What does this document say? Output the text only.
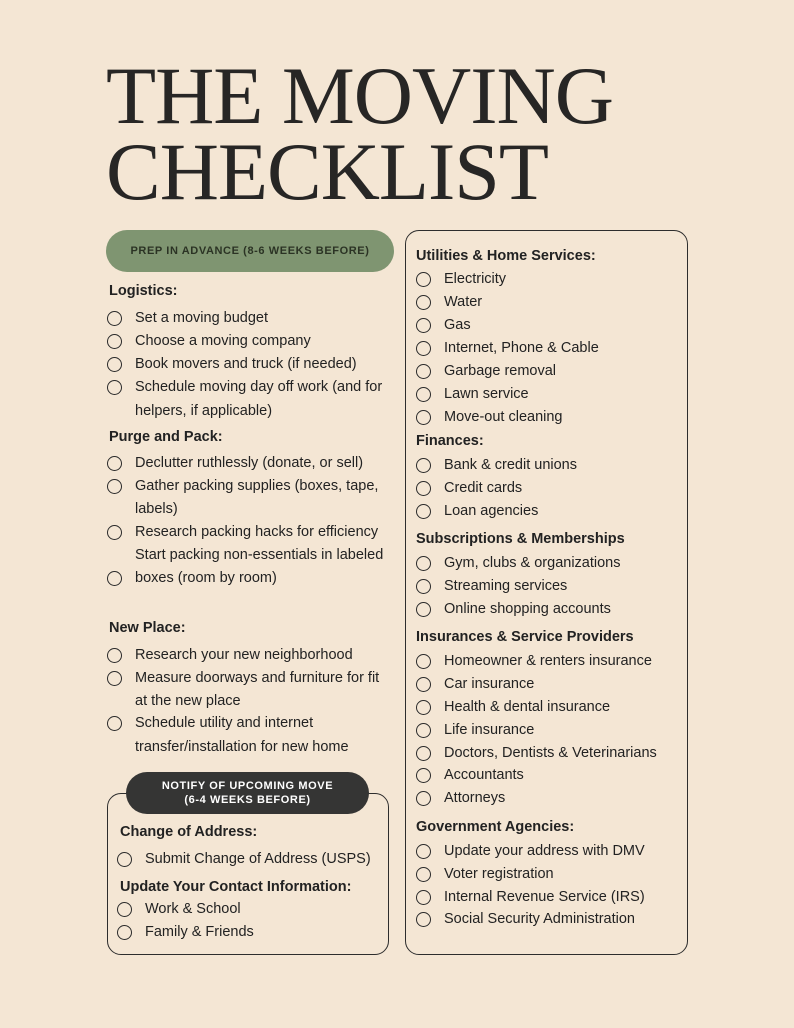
THE MOVING
CHECKLIST
PREP IN ADVANCE (8-6 WEEKS BEFORE)
NOTIFY OF UPCOMING MOVE
(6-4 WEEKS BEFORE)
Logistics:
Set a moving budget
Choose a moving company
Book movers and truck (if needed)
Schedule moving day off work (and for
helpers, if applicable)
Purge and Pack:
Declutter ruthlessly (donate, or sell)
Gather packing supplies (boxes, tape,
labels)
Research packing hacks for efficiency
Start packing non-essentials in labeled
boxes (room by room)
New Place:
Research your new neighborhood
Measure doorways and furniture for fit
at the new place
Schedule utility and internet
transfer/installation for new home
Change of Address:
Submit Change of Address (USPS)
Update Your Contact Information:
Work & School
Family & Friends
Utilities & Home Services:
Electricity
Water
Gas
Internet, Phone & Cable
Garbage removal
Lawn service
Move-out cleaning
Finances:
Bank & credit unions
Credit cards
Loan agencies
Subscriptions & Memberships
Gym, clubs & organizations
Streaming services
Online shopping accounts
Insurances & Service Providers
Homeowner & renters insurance
Car insurance
Health & dental insurance
Life insurance
Doctors, Dentists & Veterinarians
Accountants
Attorneys
Government Agencies:
Update your address with DMV
Voter registration
Internal Revenue Service (IRS)
Social Security Administration
